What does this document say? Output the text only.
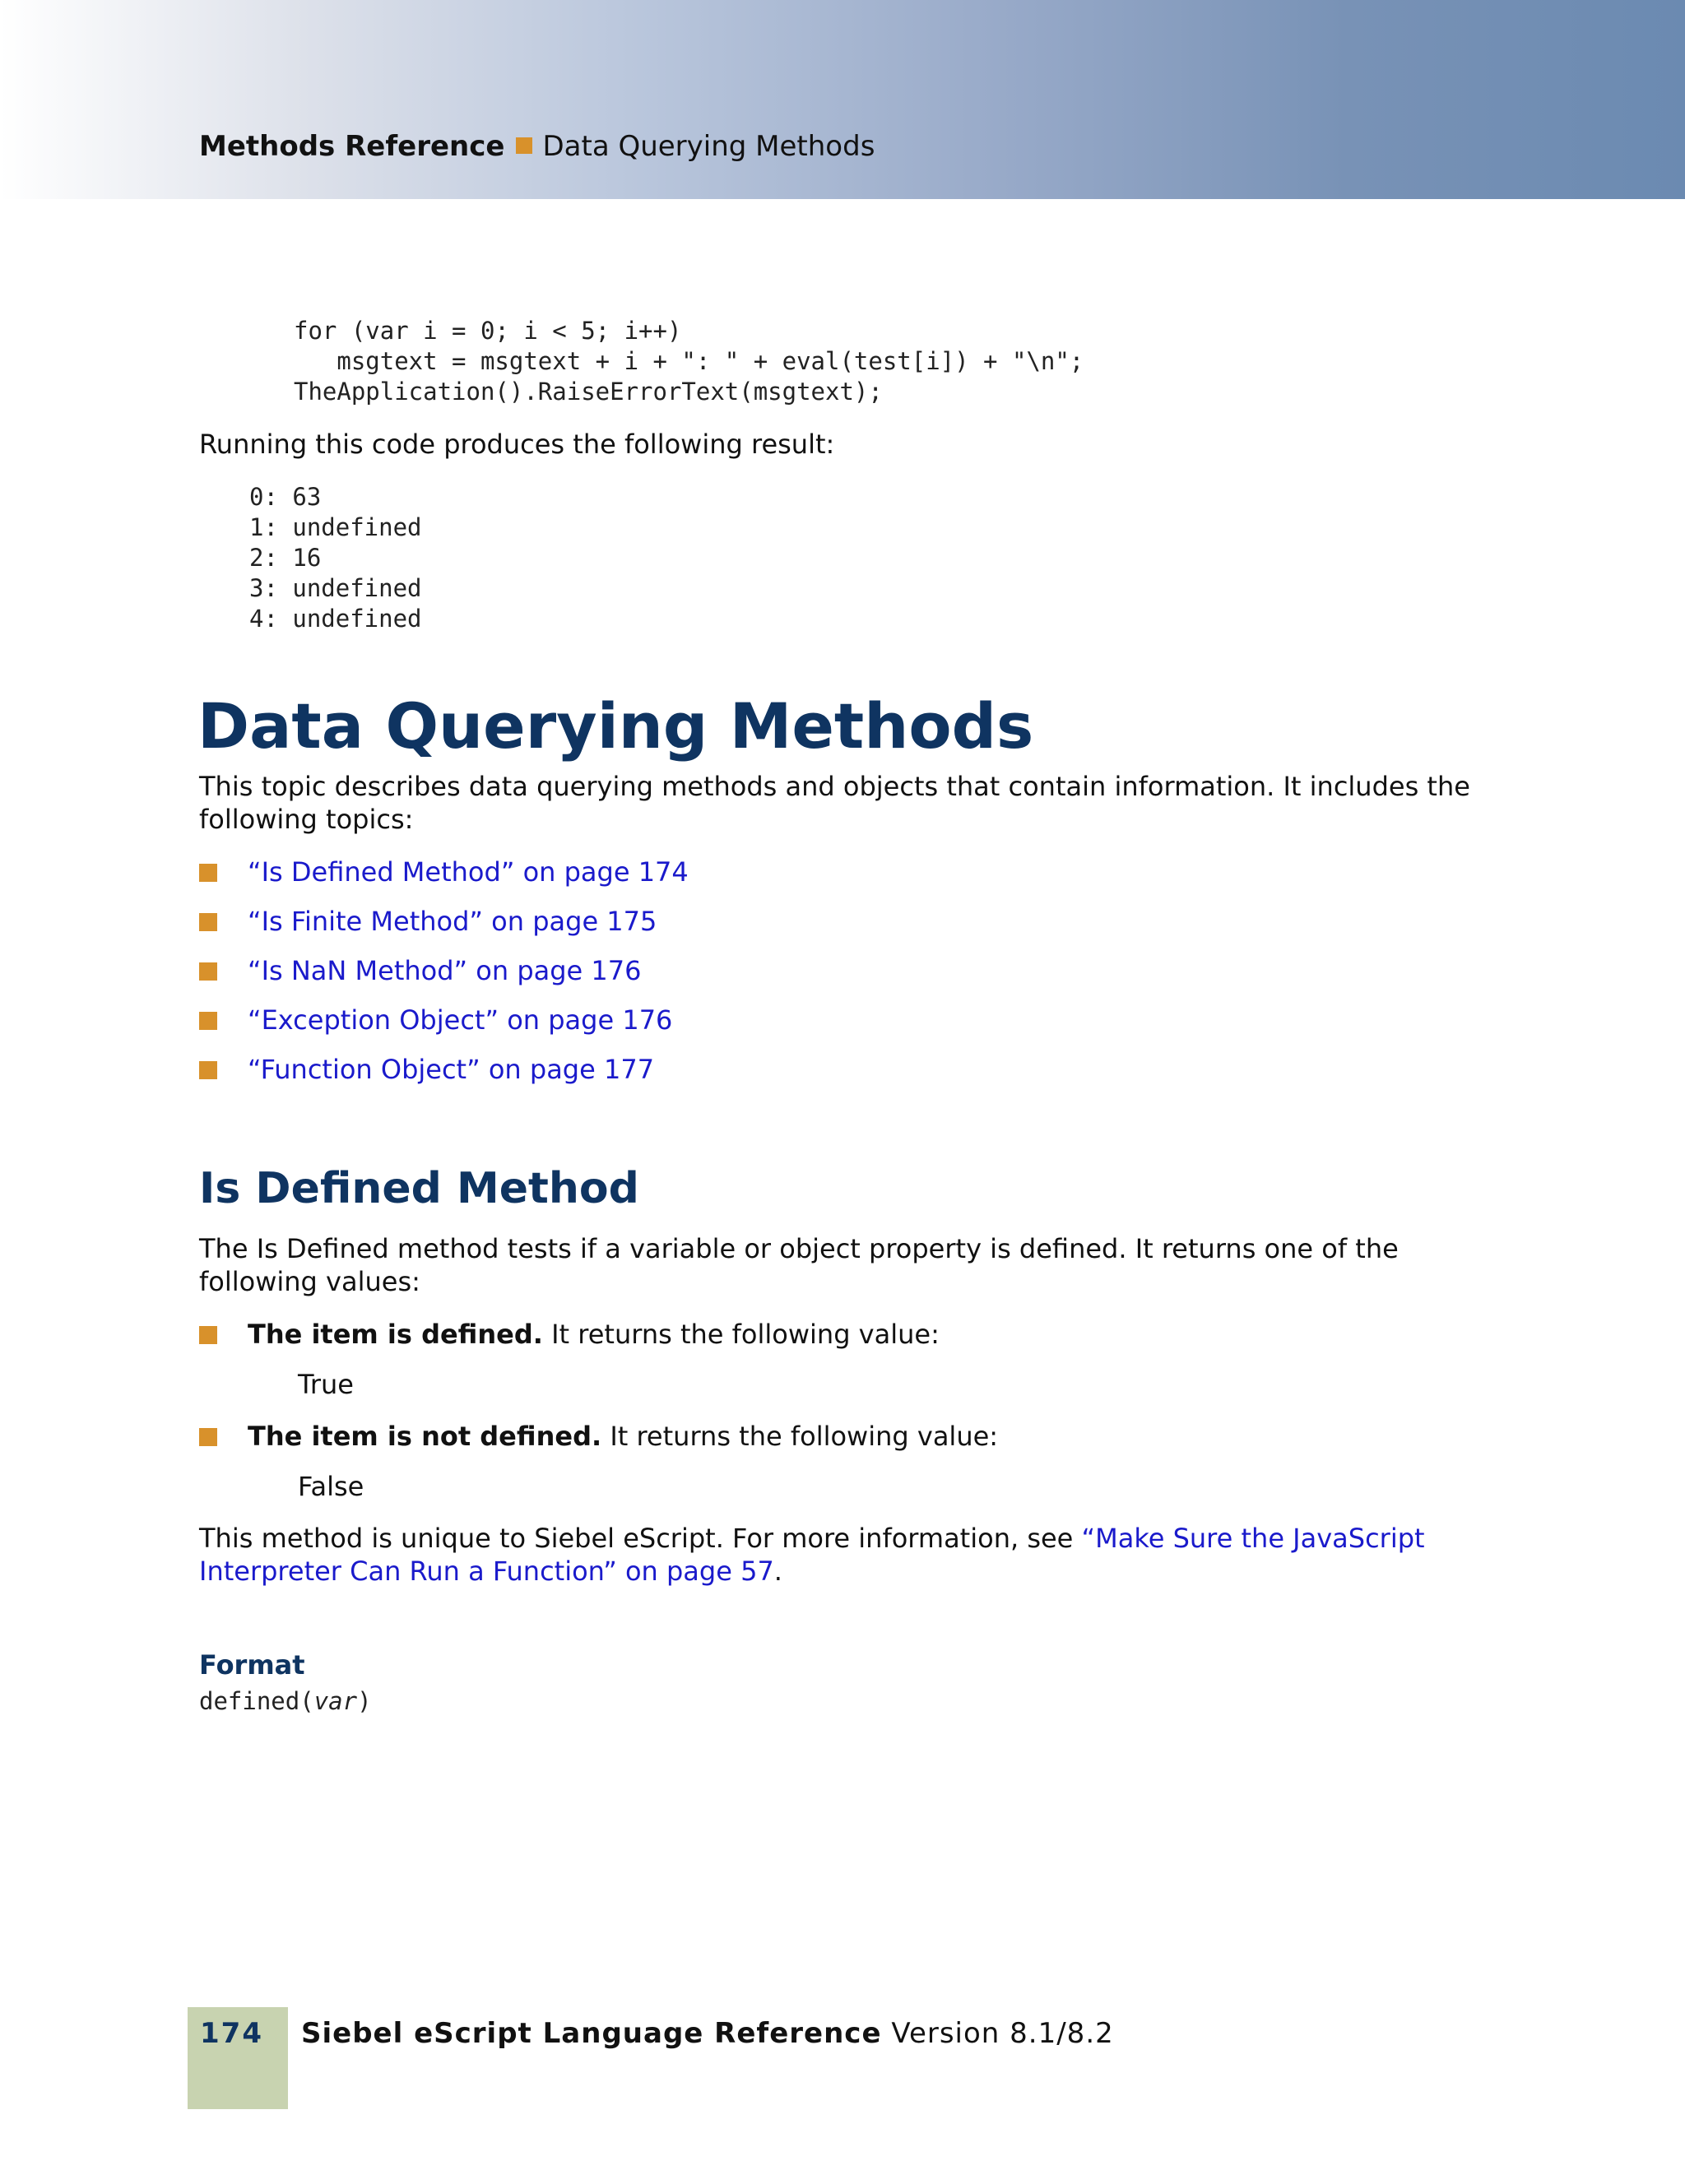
Methods Reference Data Querying Methods
for (var i = 0; i < 5; i++)
msgtext = msgtext + i + ": " + eval(test[i]) + "\n";
TheApplication().RaiseErrorText(msgtext);
Running this code produces the following result:
0: 63
1: undefined
2: 16
3: undefined
4: undefined
Data Querying Methods
This topic describes data querying methods and objects that contain information. It includes the following topics:
“Is Defined Method” on page 174
“Is Finite Method” on page 175
“Is NaN Method” on page 176
“Exception Object” on page 176
“Function Object” on page 177
Is Defined Method
The Is Defined method tests if a variable or object property is defined. It returns one of the following values:
The item is defined. It returns the following value:
True
The item is not defined. It returns the following value:
False
This method is unique to Siebel eScript. For more information, see “Make Sure the JavaScript Interpreter Can Run a Function” on page 57.
Format
defined(var)
174 Siebel eScript Language Reference Version 8.1/8.2
